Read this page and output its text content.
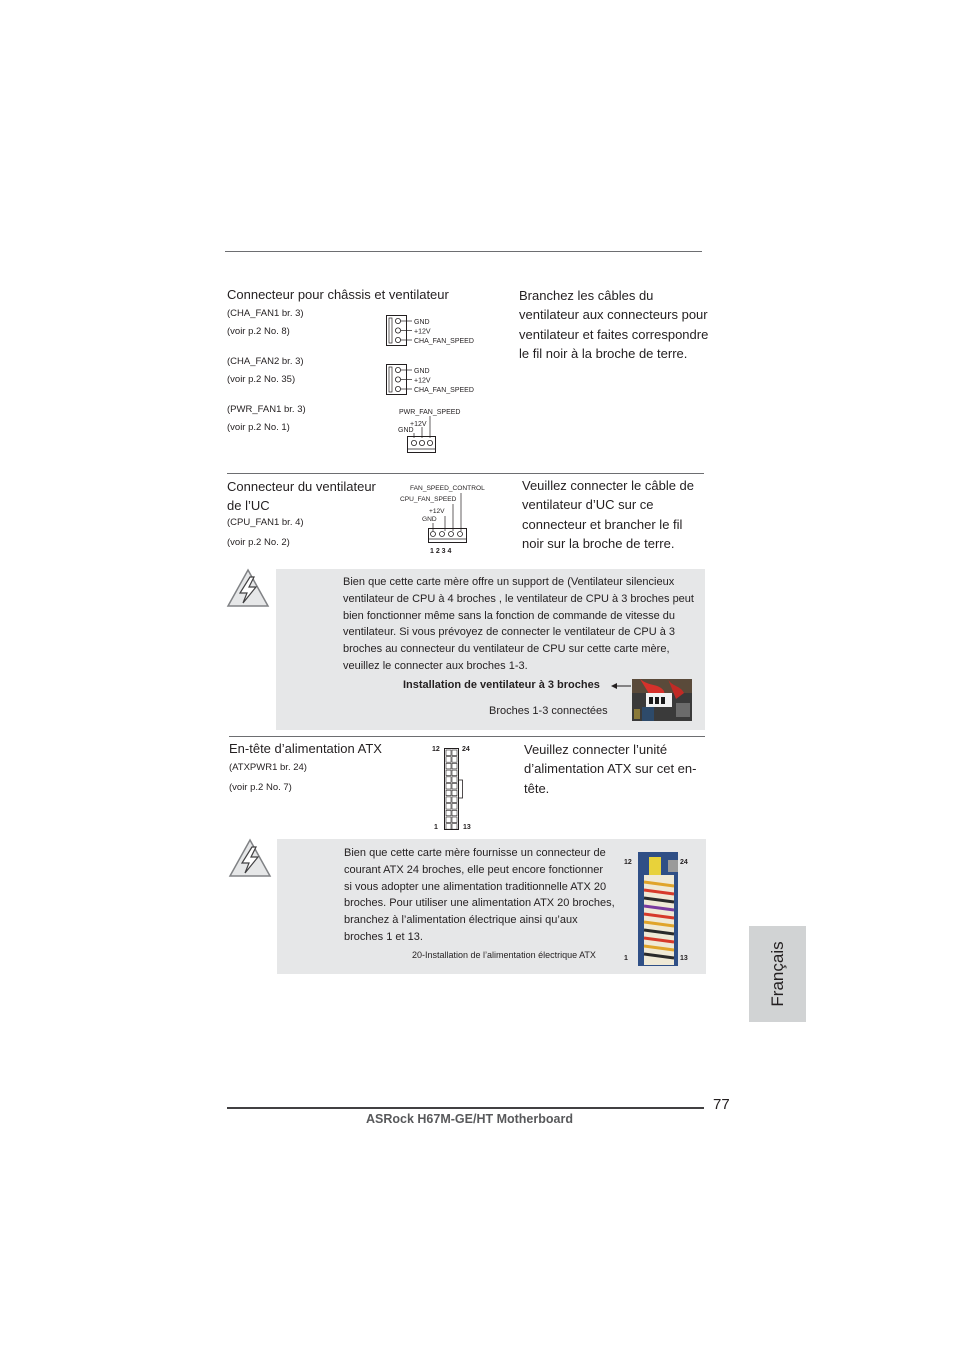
Connecteur pour châssis et ventilateur
(CHA_FAN1 br. 3)
(voir p.2 No. 8)
(CHA_FAN2 br. 3)
(voir p.2 No. 35)
(PWR_FAN1 br. 3)
(voir p.2 No. 1)
GND
+12V
CHA_FAN_SPEED
GND
+12V
CHA_FAN_SPEED
PWR_FAN_SPEED
+12V
GND
Branchez les câbles du
ventilateur aux connecteurs pour
ventilateur et faites correspondre
le fil noir à la broche de terre.
Connecteur du ventilateur
de l’UC
(CPU_FAN1 br. 4)
(voir p.2 No. 2)
FAN_SPEED_CONTROL
CPU_FAN_SPEED
+12V
GND
1 2 3 4
Veuillez connecter le câble de
ventilateur d’UC sur ce
connecteur et brancher le fil
noir sur la broche de terre.
Bien que cette carte mère offre un support de (Ventilateur silencieux
ventilateur de CPU à 4 broches , le ventilateur de CPU à 3 broches peut
bien fonctionner même sans la fonction de commande de vitesse du
ventilateur. Si vous prévoyez de connecter le ventilateur de CPU à 3
broches au connecteur du ventilateur de CPU sur cette carte mère,
veuillez le connecter aux broches 1-3.
Installation de ventilateur à 3 broches
Broches 1-3 connectées
En-tête d’alimentation ATX
(ATXPWR1 br. 24)
(voir p.2 No. 7)
12	24
1	13
Veuillez connecter l’unité
d’alimentation ATX sur cet en-
tête.
Bien que cette carte mère fournisse un connecteur de
courant ATX 24 broches, elle peut encore fonctionner
si vous adopter une alimentation traditionnelle ATX 20
broches. Pour utiliser une alimentation ATX 20 broches,
branchez à l’alimentation électrique ainsi qu’aux
broches 1 et 13.
20-Installation de l’alimentation électrique ATX
12	24
1	13	Français
77
ASRock H67M-GE/HT Motherboard
